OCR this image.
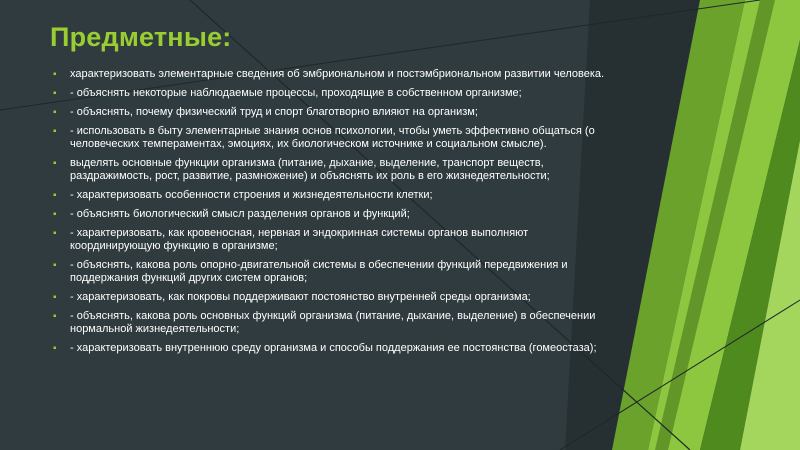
Предметные:
▪ характеризовать элементарные сведения об эмбриональном и постэмбриональном развитии человека.
▪ - объяснять некоторые наблюдаемые процессы, проходящие в собственном организме;
▪ - объяснять, почему физический труд и спорт благотворно влияют на организм;
▪ - использовать в быту элементарные знания основ психологии, чтобы уметь эффективно общаться (о человеческих темпераментах, эмоциях, их биологическом источнике и социальном смысле).
▪ выделять основные функции организма (питание, дыхание, выделение, транспорт веществ, раздражимость, рост, развитие, размножение) и объяснять их роль в его жизнедеятельности;
▪ - характеризовать особенности строения и жизнедеятельности клетки;
▪ - объяснять биологический смысл разделения органов и функций;
▪ - характеризовать, как кровеносная, нервная и эндокринная системы органов выполняют координирующую функцию в организме;
▪ - объяснять, какова роль опорно-двигательной системы в обеспечении функций передвижения и поддержания функций других систем органов;
▪ - характеризовать, как покровы поддерживают постоянство внутренней среды организма;
▪ - объяснять, какова роль основных функций организма (питание, дыхание, выделение) в обеспечении нормальной жизнедеятельности;
▪ - характеризовать внутреннюю среду организма и способы поддержания ее постоянства (гомеостаза);
